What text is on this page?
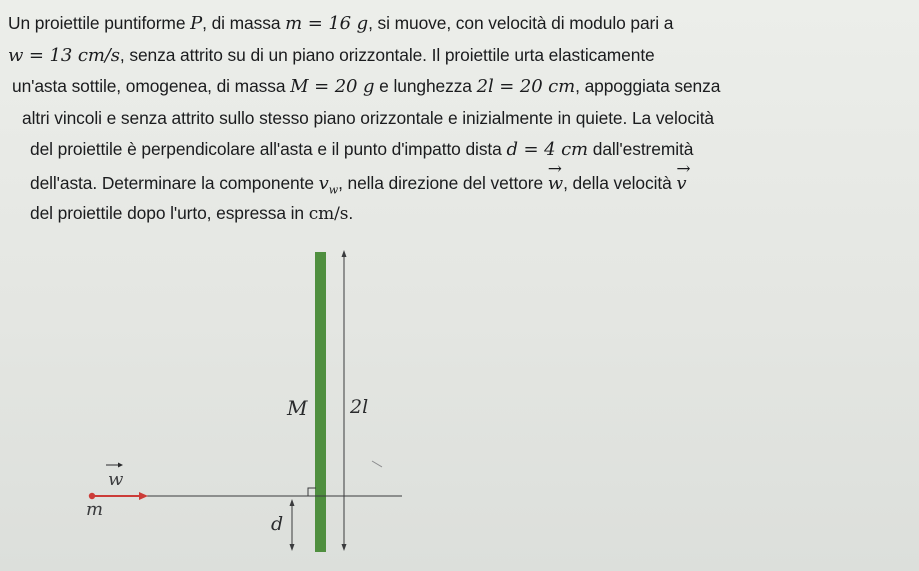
Un proiettile puntiforme P, di massa m = 16 g, si muove, con velocità di modulo pari a
w = 13 cm/s, senza attrito su di un piano orizzontale. Il proiettile urta elasticamente
un'asta sottile, omogenea, di massa M = 20 g e lunghezza 2l = 20 cm, appoggiata senza
altri vincoli e senza attrito sullo stesso piano orizzontale e inizialmente in quiete. La velocità
del proiettile è perpendicolare all'asta e il punto d'impatto dista d = 4 cm dall'estremità
dell'asta. Determinare la componente $v_w$, nella direzione del vettore → w, della velocità → v
del proiettile dopo l'urto, espressa in cm/s.
M 2l
w
m
d
